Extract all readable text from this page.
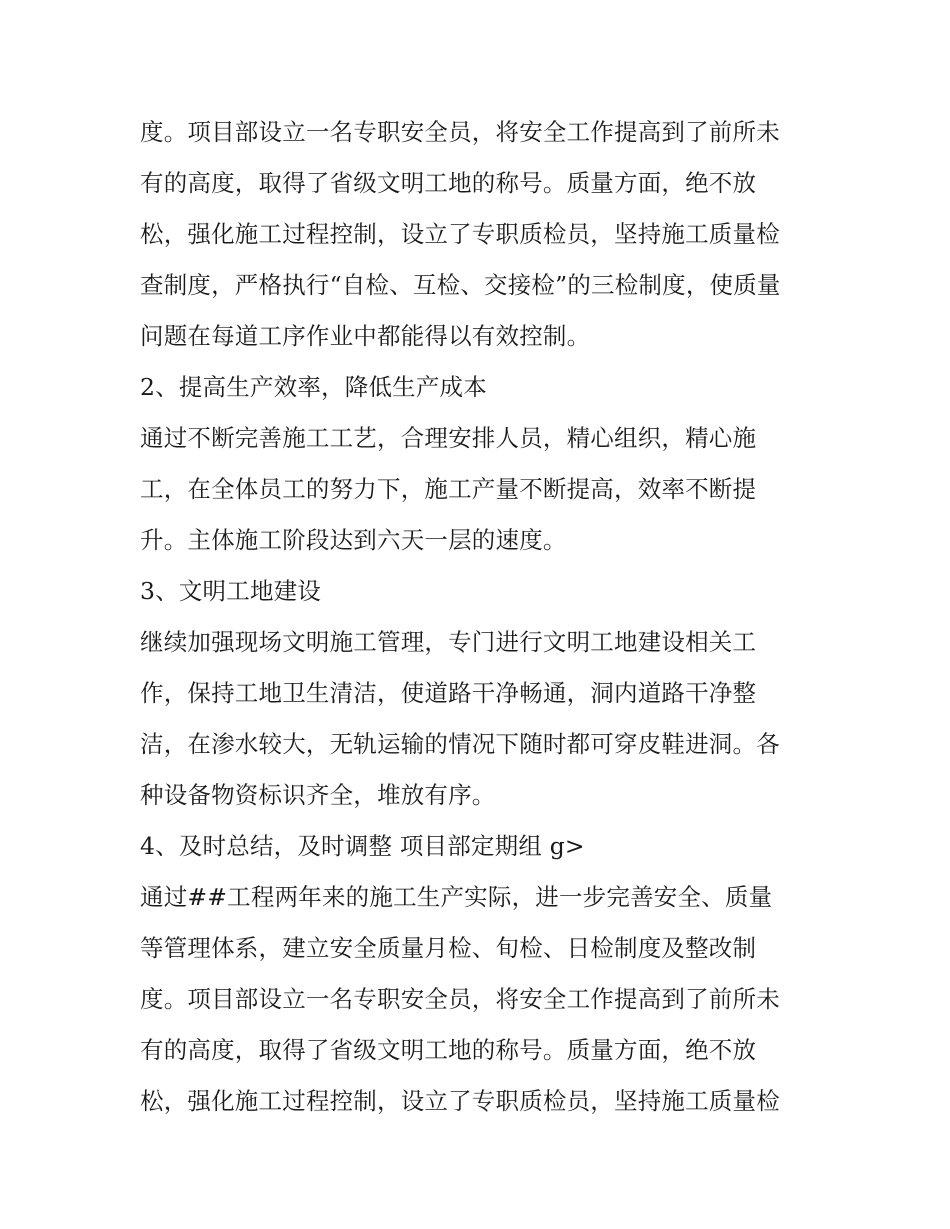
度。项目部设立一名专职安全员，将安全工作提高到了前所未
有的高度，取得了省级文明工地的称号。质量方面，绝不放
松，强化施工过程控制，设立了专职质检员，坚持施工质量检
查制度，严格执行“自检、互检、交接检”的三检制度，使质量
问题在每道工序作业中都能得以有效控制。
2、提高生产效率，降低生产成本
通过不断完善施工工艺，合理安排人员，精心组织，精心施
工，在全体员工的努力下，施工产量不断提高，效率不断提
升。主体施工阶段达到六天一层的速度。
3、文明工地建设
继续加强现场文明施工管理，专门进行文明工地建设相关工
作，保持工地卫生清洁，使道路干净畅通，洞内道路干净整
洁，在渗水较大，无轨运输的情况下随时都可穿皮鞋进洞。各
种设备物资标识齐全，堆放有序。
4、及时总结，及时调整 项目部定期组 g>
通过##工程两年来的施工生产实际，进一步完善安全、质量
等管理体系，建立安全质量月检、旬检、日检制度及整改制
度。项目部设立一名专职安全员，将安全工作提高到了前所未
有的高度，取得了省级文明工地的称号。质量方面，绝不放
松，强化施工过程控制，设立了专职质检员，坚持施工质量检
